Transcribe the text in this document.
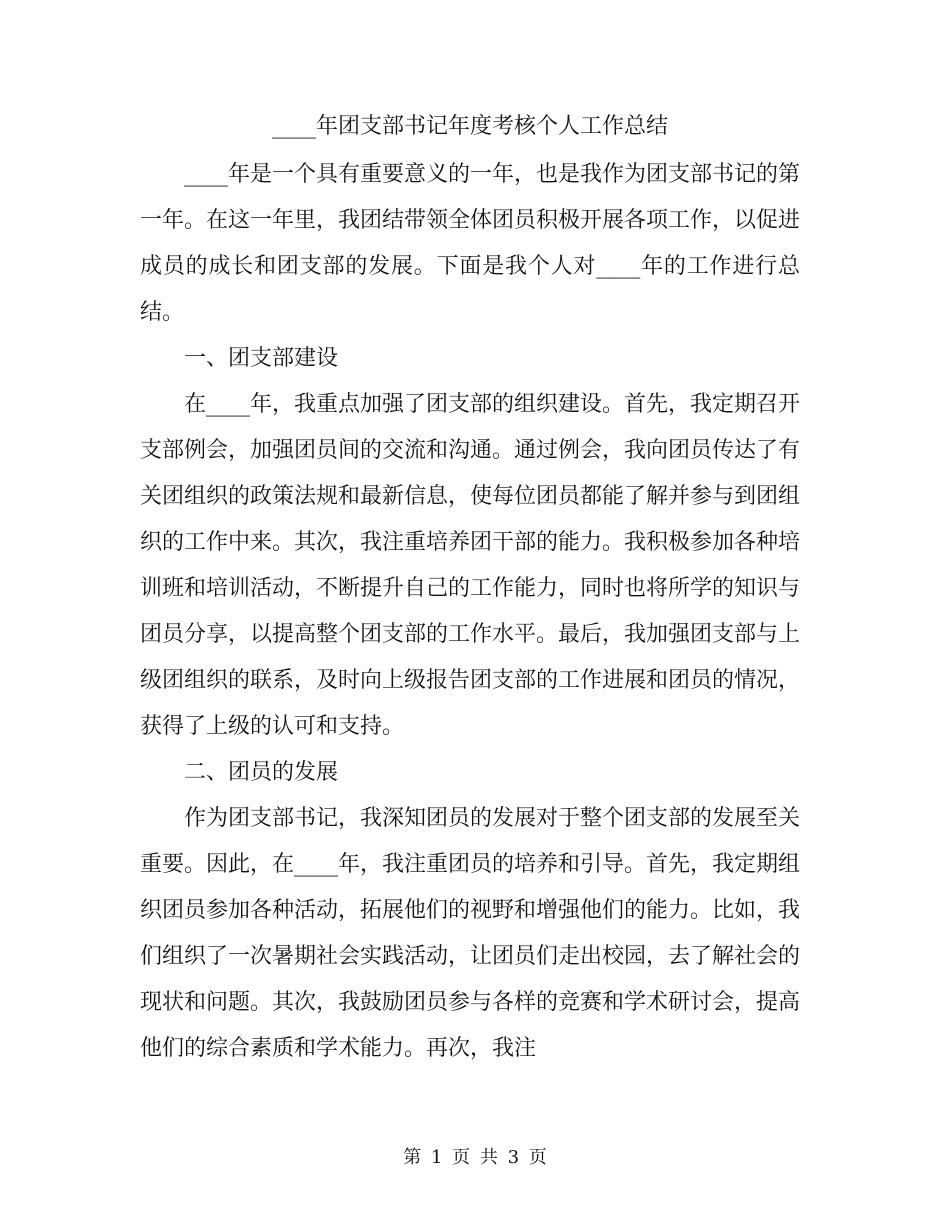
____年团支部书记年度考核个人工作总结

____年是一个具有重要意义的一年，也是我作为团支部书记的第一年。在这一年里，我团结带领全体团员积极开展各项工作，以促进成员的成长和团支部的发展。下面是我个人对____年的工作进行总结。

一、团支部建设

在____年，我重点加强了团支部的组织建设。首先，我定期召开支部例会，加强团员间的交流和沟通。通过例会，我向团员传达了有关团组织的政策法规和最新信息，使每位团员都能了解并参与到团组织的工作中来。其次，我注重培养团干部的能力。我积极参加各种培训班和培训活动，不断提升自己的工作能力，同时也将所学的知识与团员分享，以提高整个团支部的工作水平。最后，我加强团支部与上级团组织的联系，及时向上级报告团支部的工作进展和团员的情况，获得了上级的认可和支持。

二、团员的发展

作为团支部书记，我深知团员的发展对于整个团支部的发展至关重要。因此，在____年，我注重团员的培养和引导。首先，我定期组织团员参加各种活动，拓展他们的视野和增强他们的能力。比如，我们组织了一次暑期社会实践活动，让团员们走出校园，去了解社会的现状和问题。其次，我鼓励团员参与各样的竞赛和学术研讨会，提高他们的综合素质和学术能力。再次，我注

第 1 页 共 3 页
